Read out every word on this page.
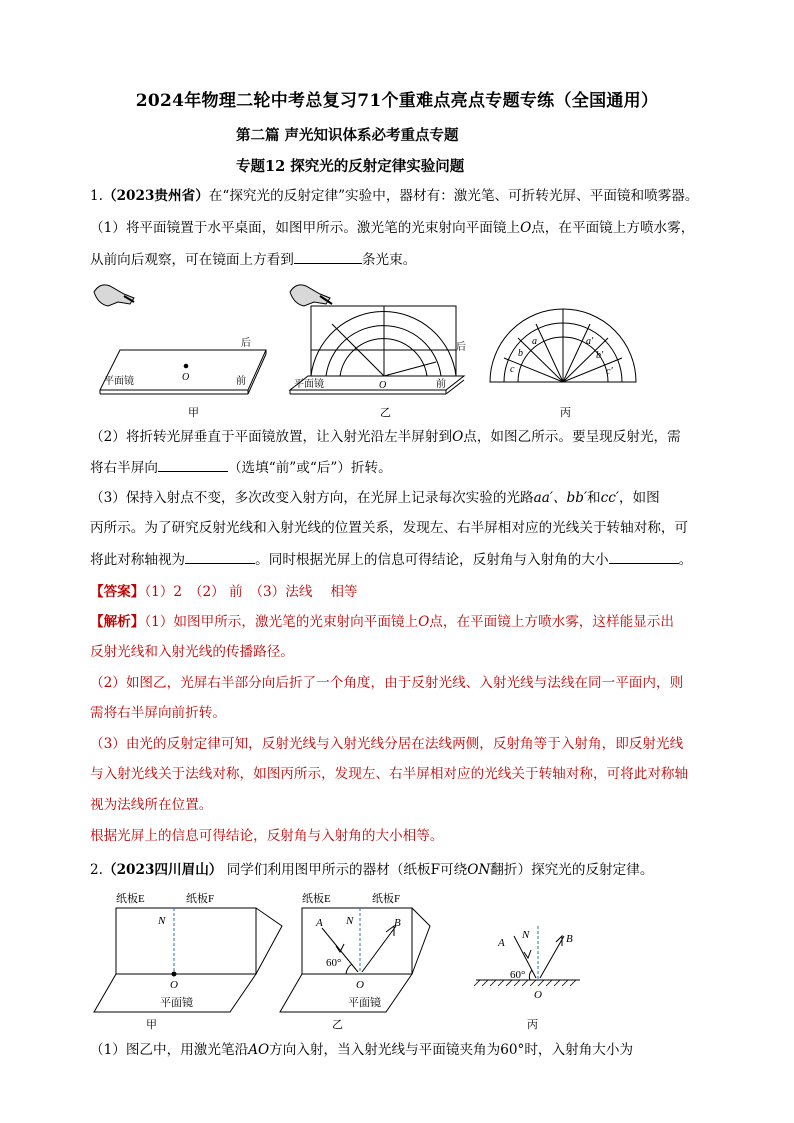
2024年物理二轮中考总复习71个重难点亮点专题专练（全国通用）
第二篇 声光知识体系必考重点专题
专题12 探究光的反射定律实验问题
1.（2023贵州省）在“探究光的反射定律”实验中，器材有：激光笔、可折转光屏、平面镜和喷雾器。
（1）将平面镜置于水平桌面，如图甲所示。激光笔的光束射向平面镜上O点，在平面镜上方喷水雾，
从前向后观察，可在镜面上方看到	条光束。
平面镜
后
前
O
平面镜
后
前
O
a
b
c
a′
b′
c′
甲	乙	丙
（2）将折转光屏垂直于平面镜放置，让入射光沿左半屏射到O点，如图乙所示。要呈现反射光，需
将右半屏向	（选填“前”或“后”）折转。
（3）保持入射点不变，多次改变入射方向，在光屏上记录每次实验的光路aa′、bb′和cc′，如图
丙所示。为了研究反射光线和入射光线的位置关系，发现左、右半屏相对应的光线关于转轴对称，可
将此对称轴视为	。同时根据光屏上的信息可得结论，反射角与入射角的大小	。
【答案】（1）2　（2） 前　（3）法线　 相等
【解析】（1）如图甲所示，激光笔的光束射向平面镜上O点，在平面镜上方喷水雾，这样能显示出
反射光线和入射光线的传播路径。
（2）如图乙，光屏右半部分向后折了一个角度，由于反射光线、入射光线与法线在同一平面内，则
需将右半屏向前折转。
（3）由光的反射定律可知，反射光线与入射光线分居在法线两侧，反射角等于入射角，即反射光线
与入射光线关于法线对称，如图丙所示，发现左、右半屏相对应的光线关于转轴对称，可将此对称轴
视为法线所在位置。
根据光屏上的信息可得结论，反射角与入射角的大小相等。
2.（2023四川眉山） 同学们利用图甲所示的器材（纸板F可绕ON翻折）探究光的反射定律。
纸板E	纸板F
N
O
平面镜
纸板E	纸板F
A N	B
60°
O
平面镜
A
N	B
60°
O
甲	乙	丙
（1）图乙中，用激光笔沿AO方向入射，当入射光线与平面镜夹角为60°时，入射角大小为
